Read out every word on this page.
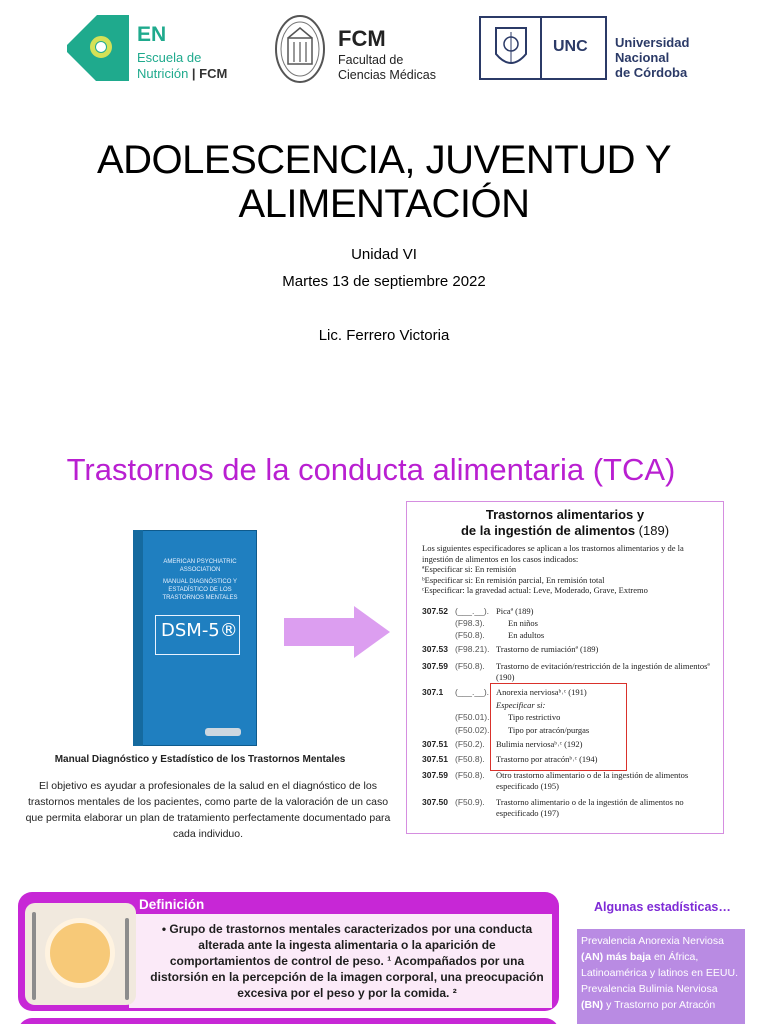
EN
Escuela de
Nutrición | FCM
FCM
Facultad de
Ciencias Médicas
UNC Universidad
Nacional
de Córdoba
ADOLESCENCIA, JUVENTUD Y
ALIMENTACIÓN
Unidad VI
Martes 13 de septiembre 2022
Lic. Ferrero Victoria
Trastornos de la conducta alimentaria (TCA)
AMERICAN PSYCHIATRIC ASSOCIATION
MANUAL DIAGNÓSTICO Y ESTADÍSTICO DE LOS TRASTORNOS MENTALES
DSM-5®
Manual Diagnóstico y Estadístico de los Trastornos Mentales
El objetivo es ayudar a profesionales de la salud en el diagnóstico de los trastornos mentales de los pacientes, como parte de la valoración de un caso que permita elaborar un plan de tratamiento perfectamente documentado para cada individuo.
Trastornos alimentarios y
de la ingestión de alimentos (189)
Los siguientes especificadores se aplican a los trastornos alimentarios y de la ingestión de alimentos en los casos indicados:
ªEspecificar si: En remisión
ᵇEspecificar si: En remisión parcial, En remisión total
ᶜEspecificar: la gravedad actual: Leve, Moderado, Grave, Extremo
307.52 (___.__). Picaª (189)
(F98.3).	En niños
(F50.8).	En adultos
307.53 (F98.21). Trastorno de rumiaciónª (189)
307.59 (F50.8). Trastorno de evitación/restricción de la ingestión de alimentosª (190)
307.1 (___.__). Anorexia nerviosaᵇ˒ᶜ (191)
Especificar si:
(F50.01). Tipo restrictivo
(F50.02). Tipo por atracón/purgas
307.51 (F50.2). Bulimia nerviosaᵇ˒ᶜ (192)
307.51 (F50.8). Trastorno por atracónᵇ˒ᶜ (194)
307.59 (F50.8). Otro trastorno alimentario o de la ingestión de alimentos especificado (195)
307.50 (F50.9). Trastorno alimentario o de la ingestión de alimentos no especificado (197)
Definición
• Grupo de trastornos mentales caracterizados por una conducta alterada ante la ingesta alimentaria o la aparición de comportamientos de control de peso. ¹ Acompañados por una distorsión en la percepción de la imagen corporal, una preocupación excesiva por el peso y por la comida. ²
Algunas estadísticas…
Prevalencia Anorexia Nerviosa (AN) más baja en África, Latinoamérica y latinos en EEUU.
Prevalencia Bulimia Nerviosa (BN) y Trastorno por Atracón
